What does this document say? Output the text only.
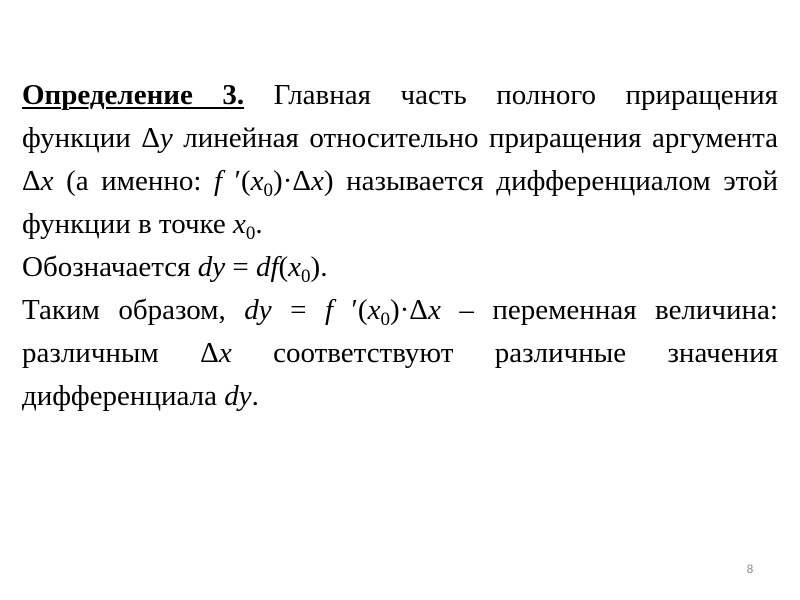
Определение 3. Главная часть полного приращения функции Δy линейная относительно приращения аргумента Δx (а именно: f $'(x_0)\cdot\Delta x$) называется дифференциалом этой функции в точке $x_0$.

Обозначается dy = $df(x_0)$.

Таким образом, dy = f $'(x_0)\cdot\Delta x$ – переменная величина: различным Δx соответствуют различные значения дифференциала dy.

8
